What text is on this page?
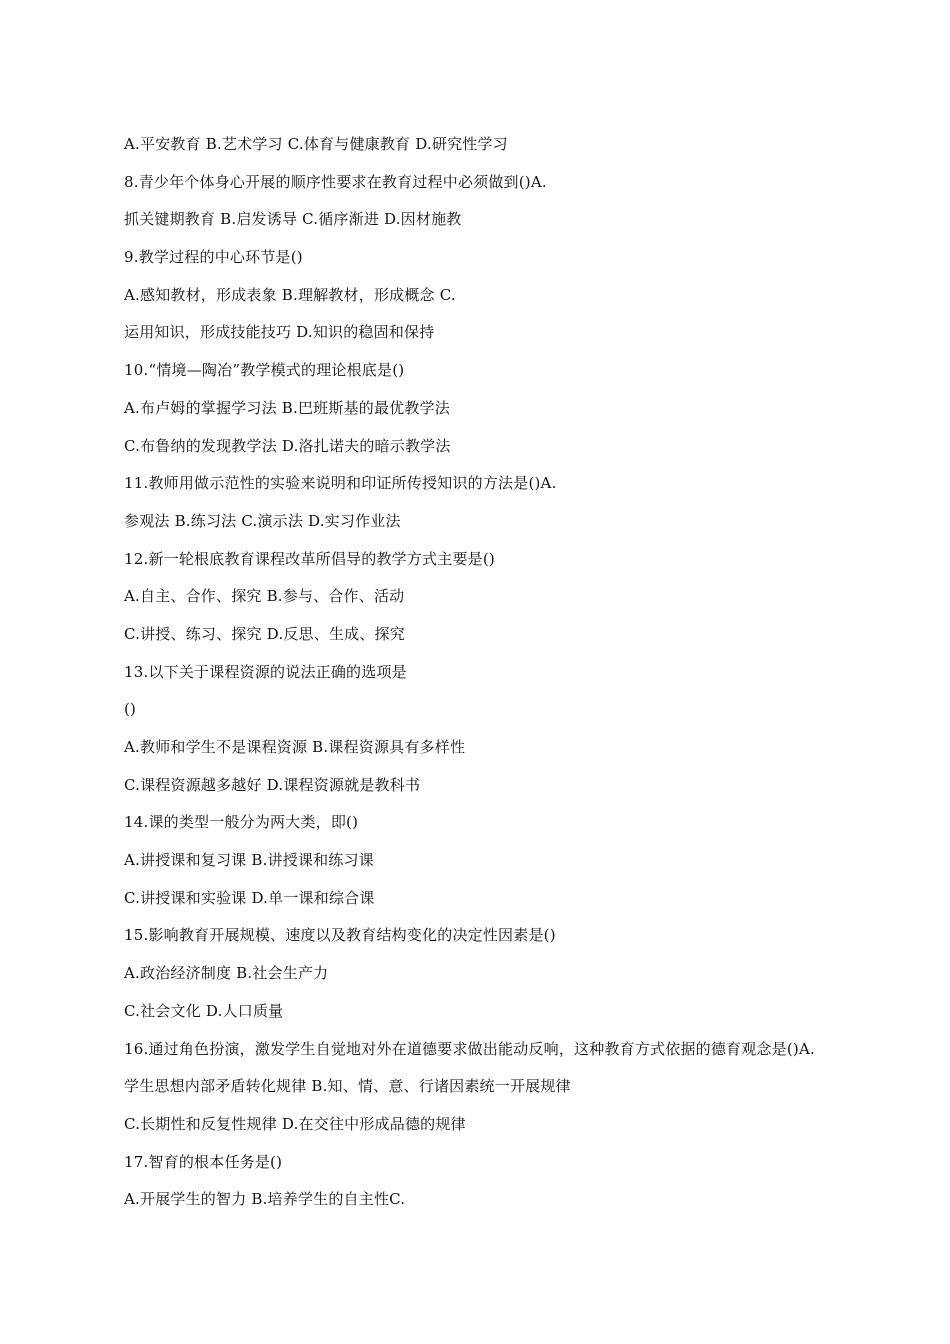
A.平安教育 B.艺术学习 C.体育与健康教育 D.研究性学习
8.青少年个体身心开展的顺序性要求在教育过程中必须做到()A.
抓关键期教育 B.启发诱导 C.循序渐进 D.因材施教
9.教学过程的中心环节是()
A.感知教材，形成表象 B.理解教材，形成概念 C.
运用知识，形成技能技巧 D.知识的稳固和保持
10.“情境—陶冶”教学模式的理论根底是()
A.布卢姆的掌握学习法 B.巴班斯基的最优教学法
C.布鲁纳的发现教学法 D.洛扎诺夫的暗示教学法
11.教师用做示范性的实验来说明和印证所传授知识的方法是()A.
参观法 B.练习法 C.演示法 D.实习作业法
12.新一轮根底教育课程改革所倡导的教学方式主要是()
A.自主、合作、探究 B.参与、合作、活动
C.讲授、练习、探究 D.反思、生成、探究
13.以下关于课程资源的说法正确的选项是
()
A.教师和学生不是课程资源 B.课程资源具有多样性
C.课程资源越多越好 D.课程资源就是教科书
14.课的类型一般分为两大类，即()
A.讲授课和复习课 B.讲授课和练习课
C.讲授课和实验课 D.单一课和综合课
15.影响教育开展规模、速度以及教育结构变化的决定性因素是()
A.政治经济制度 B.社会生产力
C.社会文化 D.人口质量
16.通过角色扮演，激发学生自觉地对外在道德要求做出能动反响，这种教育方式依据的德育观念是()A.
学生思想内部矛盾转化规律 B.知、情、意、行诸因素统一开展规律
C.长期性和反复性规律 D.在交往中形成品德的规律
17.智育的根本任务是()
A.开展学生的智力 B.培养学生的自主性C.
